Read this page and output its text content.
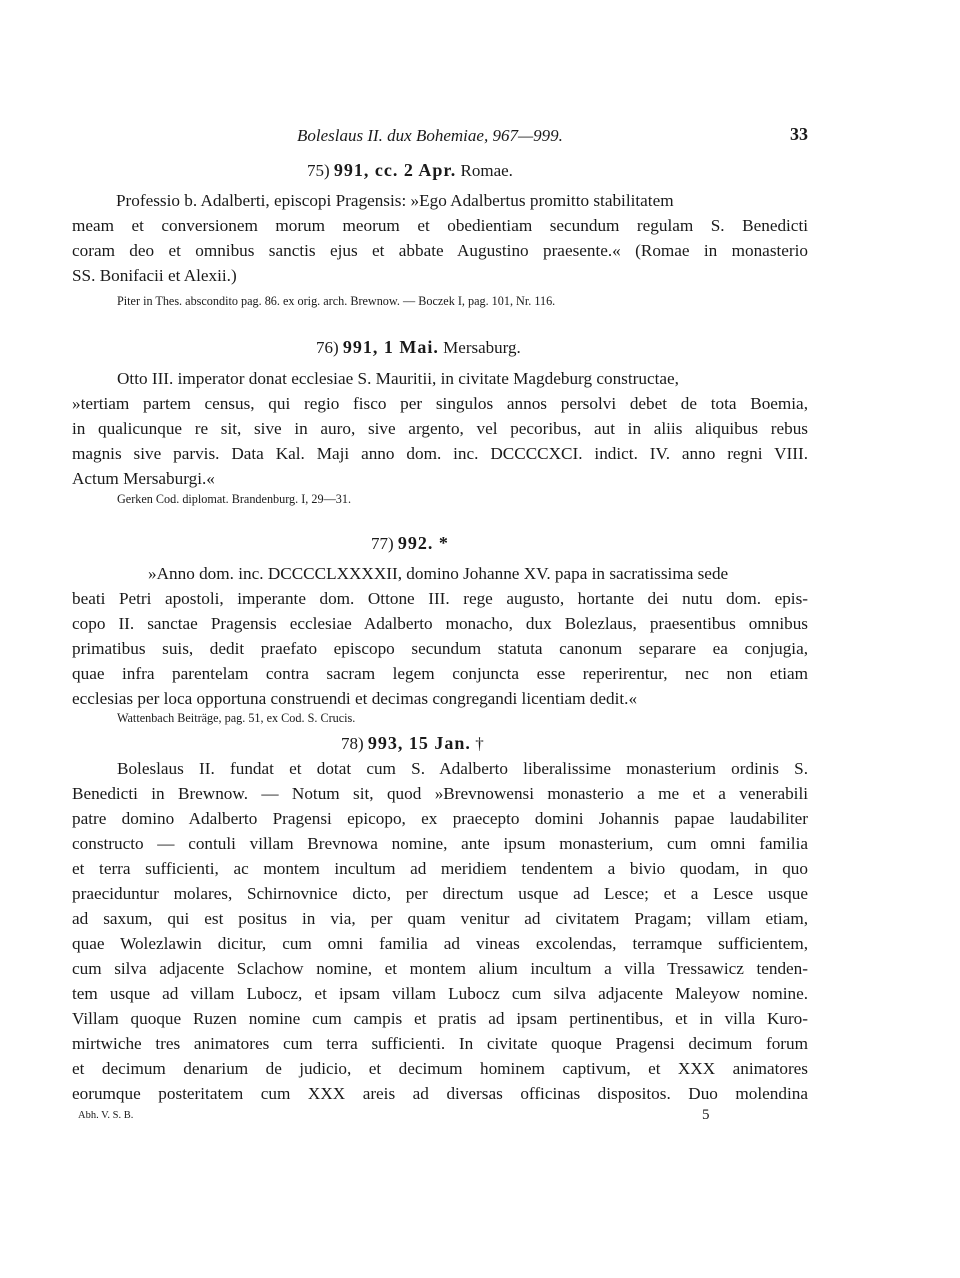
Boleslaus II. dux Bohemiae, 967—999.	33
75) 991, cc. 2 Apr. Romae.
Professio b. Adalberti, episcopi Pragensis: »Ego Adalbertus promitto stabilitatem
meam et conversionem morum meorum et obedientiam secundum regulam S. Benedicti
coram deo et omnibus sanctis ejus et abbate Augustino praesente.« (Romae in monasterio
SS. Bonifacii et Alexii.)
Piter in Thes. abscondito pag. 86. ex orig. arch. Brewnow. — Boczek I, pag. 101, Nr. 116.
76) 991, 1 Mai. Mersaburg.
Otto III. imperator donat ecclesiae S. Mauritii, in civitate Magdeburg constructae,
»tertiam partem census, qui regio fisco per singulos annos persolvi debet de tota Boemia,
in qualicunque re sit, sive in auro, sive argento, vel pecoribus, aut in aliis aliquibus rebus
magnis sive parvis. Data Kal. Maji anno dom. inc. DCCCCXCI. indict. IV. anno regni VIII.
Actum Mersaburgi.«
Gerken Cod. diplomat. Brandenburg. I, 29—31.
77) 992. *
»Anno dom. inc. DCCCCLXXXXII, domino Johanne XV. papa in sacratissima sede
beati Petri apostoli, imperante dom. Ottone III. rege augusto, hortante dei nutu dom. epis-
copo II. sanctae Pragensis ecclesiae Adalberto monacho, dux Bolezlaus, praesentibus omnibus
primatibus suis, dedit praefato episcopo secundum statuta canonum separare ea conjugia,
quae infra parentelam contra sacram legem conjuncta esse reperirentur, nec non etiam
ecclesias per loca opportuna construendi et decimas congregandi licentiam dedit.«
Wattenbach Beiträge, pag. 51, ex Cod. S. Crucis.
78) 993, 15 Jan. †
Boleslaus II. fundat et dotat cum S. Adalberto liberalissime monasterium ordinis S.
Benedicti in Brewnow. — Notum sit, quod »Brevnowensi monasterio a me et a venerabili
patre domino Adalberto Pragensi epicopo, ex praecepto domini Johannis papae laudabiliter
constructo — contuli villam Brevnowa nomine, ante ipsum monasterium, cum omni familia
et terra sufficienti, ac montem incultum ad meridiem tendentem a bivio quodam, in quo
praeciduntur molares, Schirnovnice dicto, per directum usque ad Lesce; et a Lesce usque
ad saxum, qui est positus in via, per quam venitur ad civitatem Pragam; villam etiam,
quae Wolezlawin dicitur, cum omni familia ad vineas excolendas, terramque sufficientem,
cum silva adjacente Sclachow nomine, et montem alium incultum a villa Tressawicz tenden-
tem usque ad villam Lubocz, et ipsam villam Lubocz cum silva adjacente Maleyow nomine.
Villam quoque Ruzen nomine cum campis et pratis ad ipsam pertinentibus, et in villa Kuro-
mirtwiche tres animatores cum terra sufficienti. In civitate quoque Pragensi decimum forum
et decimum denarium de judicio, et decimum hominem captivum, et XXX animatores
Abh. V. S. B.	5
eorumque posteritatem cum XXX areis ad diversas officinas dispositos. Duo molendina
